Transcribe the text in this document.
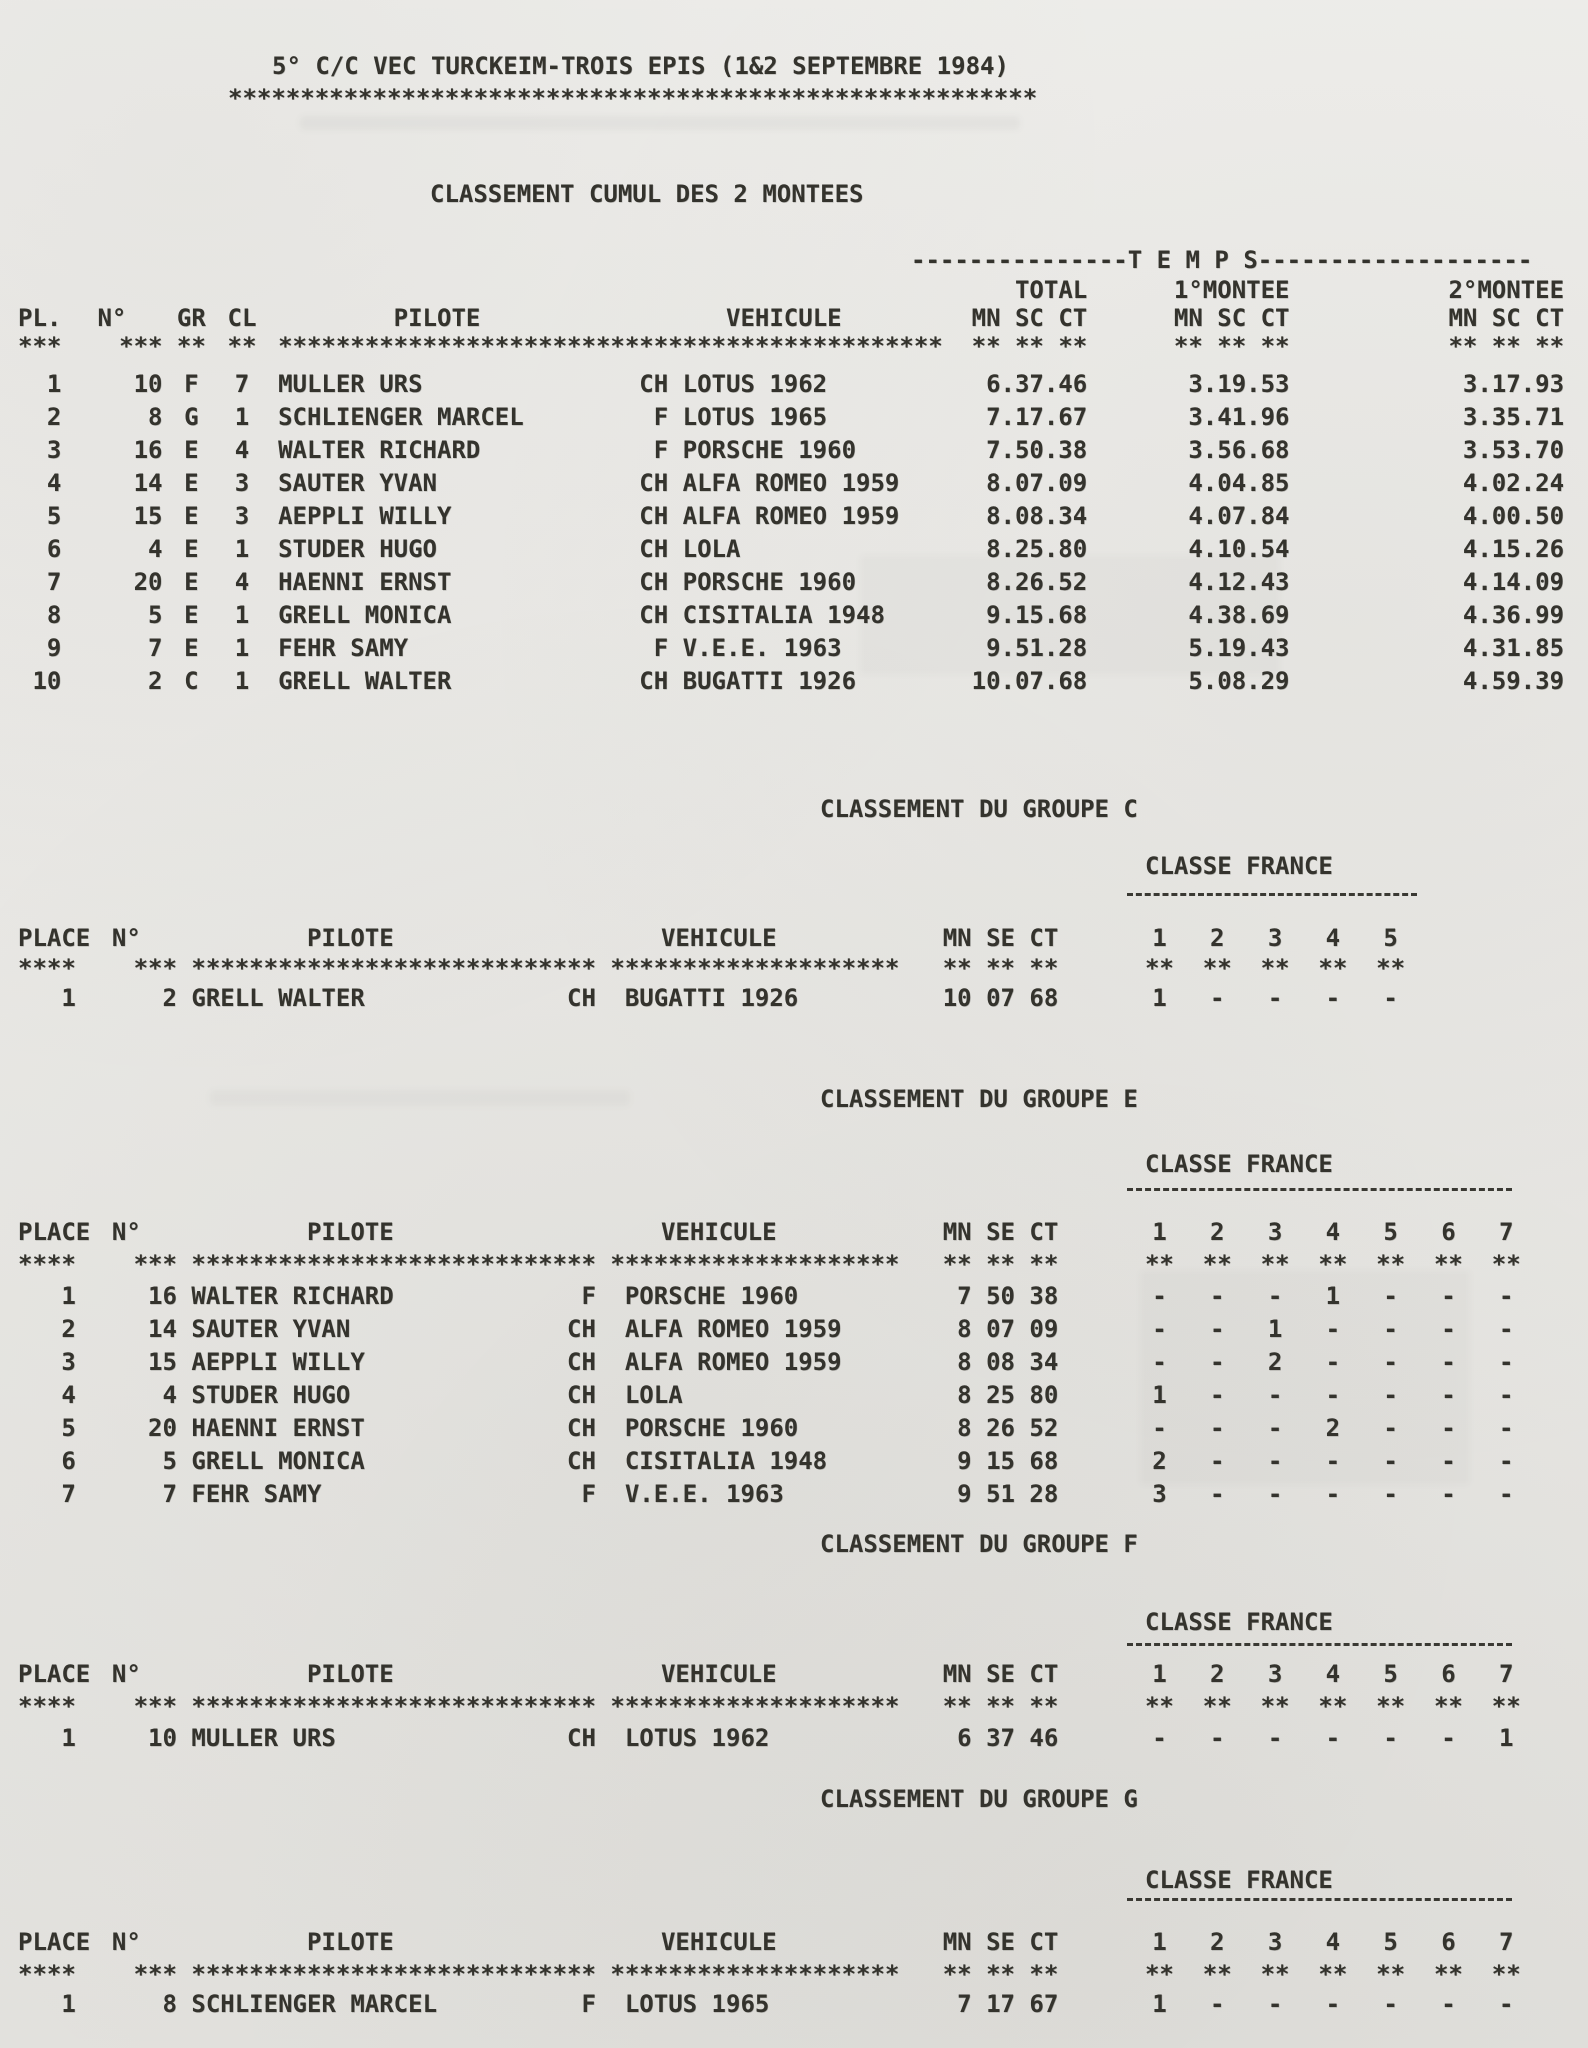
5° C/C VEC TURCKEIM-TROIS EPIS (1&2 SEPTEMBRE 1984)
********************************************************
CLASSEMENT CUMUL DES 2 MONTEES
---------------T E M P S-------------------
TOTAL	1°MONTEE	2°MONTEE
PL.	N°	GR CL	PILOTE	VEHICULE	MN SC CT	MN SC CT	MN SC CT
***	*** ** ** *********************** ***********************	** ** **	** ** **	** ** **
1	10 F	7	MULLER URS	CH LOTUS 1962	6.37.46	3.19.53	3.17.93
2	8 G	1	SCHLIENGER MARCEL	F LOTUS 1965	7.17.67	3.41.96	3.35.71
3	16 E	4	WALTER RICHARD	F PORSCHE 1960	7.50.38	3.56.68	3.53.70
4	14 E	3	SAUTER YVAN	CH ALFA ROMEO 1959	8.07.09	4.04.85	4.02.24
5	15 E	3	AEPPLI WILLY	CH ALFA ROMEO 1959	8.08.34	4.07.84	4.00.50
6	4 E	1	STUDER HUGO	CH LOLA	8.25.80	4.10.54	4.15.26
7	20 E	4	HAENNI ERNST	CH PORSCHE 1960	8.26.52	4.12.43	4.14.09
8	5 E	1	GRELL MONICA	CH CISITALIA 1948	9.15.68	4.38.69	4.36.99
9	7 E	1	FEHR SAMY	F V.E.E. 1963	9.51.28	5.19.43	4.31.85
10	2 C	1	GRELL WALTER	CH BUGATTI 1926	10.07.68	5.08.29	4.59.39
CLASSEMENT DU GROUPE C
CLASSE FRANCE
PLACE N°	PILOTE	VEHICULE	MN SE CT	1	2	3	4	5
****	*** **************************** ********************	** ** **	**	**	**	**	**
1	2 GRELL WALTER	CH	BUGATTI 1926	10 07 68	1	-	-	-	-
CLASSEMENT DU GROUPE E
CLASSE FRANCE
PLACE N°	PILOTE	VEHICULE	MN SE CT	1	2	3	4	5	6	7
****	*** **************************** ********************	** ** **	**	**	**	**	**	**	**
1	16 WALTER RICHARD	F	PORSCHE 1960	7 50 38	-	-	-	1	-	-	-
2	14 SAUTER YVAN	CH	ALFA ROMEO 1959	8 07 09	-	-	1	-	-	-	-
3	15 AEPPLI WILLY	CH	ALFA ROMEO 1959	8 08 34	-	-	2	-	-	-	-
4	4 STUDER HUGO	CH	LOLA	8 25 80	1	-	-	-	-	-	-
5	20 HAENNI ERNST	CH	PORSCHE 1960	8 26 52	-	-	-	2	-	-	-
6	5 GRELL MONICA	CH	CISITALIA 1948	9 15 68	2	-	-	-	-	-	-
7	7 FEHR SAMY	F	V.E.E. 1963	9 51 28	3	-	-	-	-	-	-
CLASSEMENT DU GROUPE F
CLASSE FRANCE
PLACE N°	PILOTE	VEHICULE	MN SE CT	1	2	3	4	5	6	7
****	*** **************************** ********************	** ** **	**	**	**	**	**	**	**
1	10 MULLER URS	CH	LOTUS 1962	6 37 46	-	-	-	-	-	-	1
CLASSEMENT DU GROUPE G
CLASSE FRANCE
PLACE N°	PILOTE	VEHICULE	MN SE CT	1	2	3	4	5	6	7
****	*** **************************** ********************	** ** **	**	**	**	**	**	**	**
1	8 SCHLIENGER MARCEL	F	LOTUS 1965	7 17 67	1	-	-	-	-	-	-
